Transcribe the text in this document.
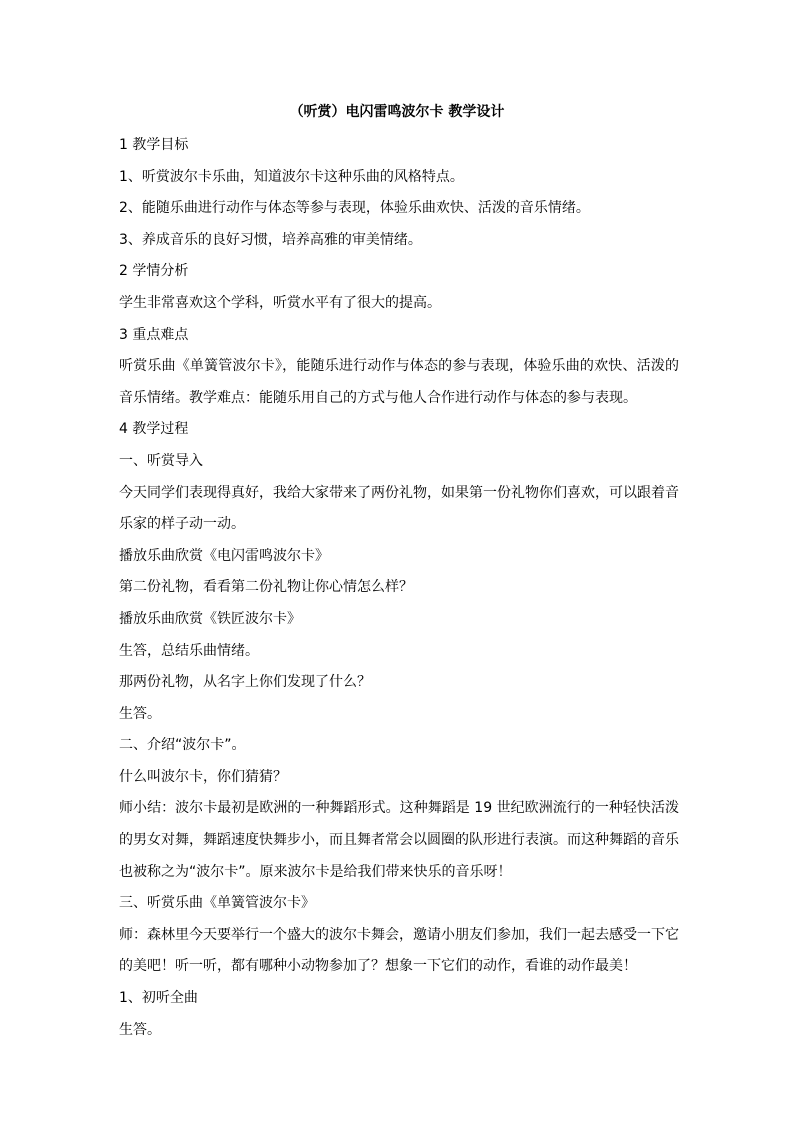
（听赏）电闪雷鸣波尔卡 教学设计

1 教学目标

1、听赏波尔卡乐曲，知道波尔卡这种乐曲的风格特点。

2、能随乐曲进行动作与体态等参与表现，体验乐曲欢快、活泼的音乐情绪。

3、养成音乐的良好习惯，培养高雅的审美情绪。

2 学情分析

学生非常喜欢这个学科，听赏水平有了很大的提高。

3 重点难点

听赏乐曲《单簧管波尔卡》，能随乐进行动作与体态的参与表现，体验乐曲的欢快、活泼的音乐情绪。教学难点：能随乐用自己的方式与他人合作进行动作与体态的参与表现。

4 教学过程

一、听赏导入

今天同学们表现得真好，我给大家带来了两份礼物，如果第一份礼物你们喜欢，可以跟着音乐家的样子动一动。

播放乐曲欣赏《电闪雷鸣波尔卡》

第二份礼物，看看第二份礼物让你心情怎么样？

播放乐曲欣赏《铁匠波尔卡》

生答，总结乐曲情绪。

那两份礼物，从名字上你们发现了什么？

生答。

二、介绍“波尔卡”。

什么叫波尔卡，你们猜猜？

师小结：波尔卡最初是欧洲的一种舞蹈形式。这种舞蹈是 19 世纪欧洲流行的一种轻快活泼的男女对舞，舞蹈速度快舞步小，而且舞者常会以圆圈的队形进行表演。而这种舞蹈的音乐也被称之为“波尔卡”。原来波尔卡是给我们带来快乐的音乐呀！

三、听赏乐曲《单簧管波尔卡》

师：森林里今天要举行一个盛大的波尔卡舞会，邀请小朋友们参加，我们一起去感受一下它的美吧！听一听，都有哪种小动物参加了？想象一下它们的动作，看谁的动作最美！

1、初听全曲

生答。
